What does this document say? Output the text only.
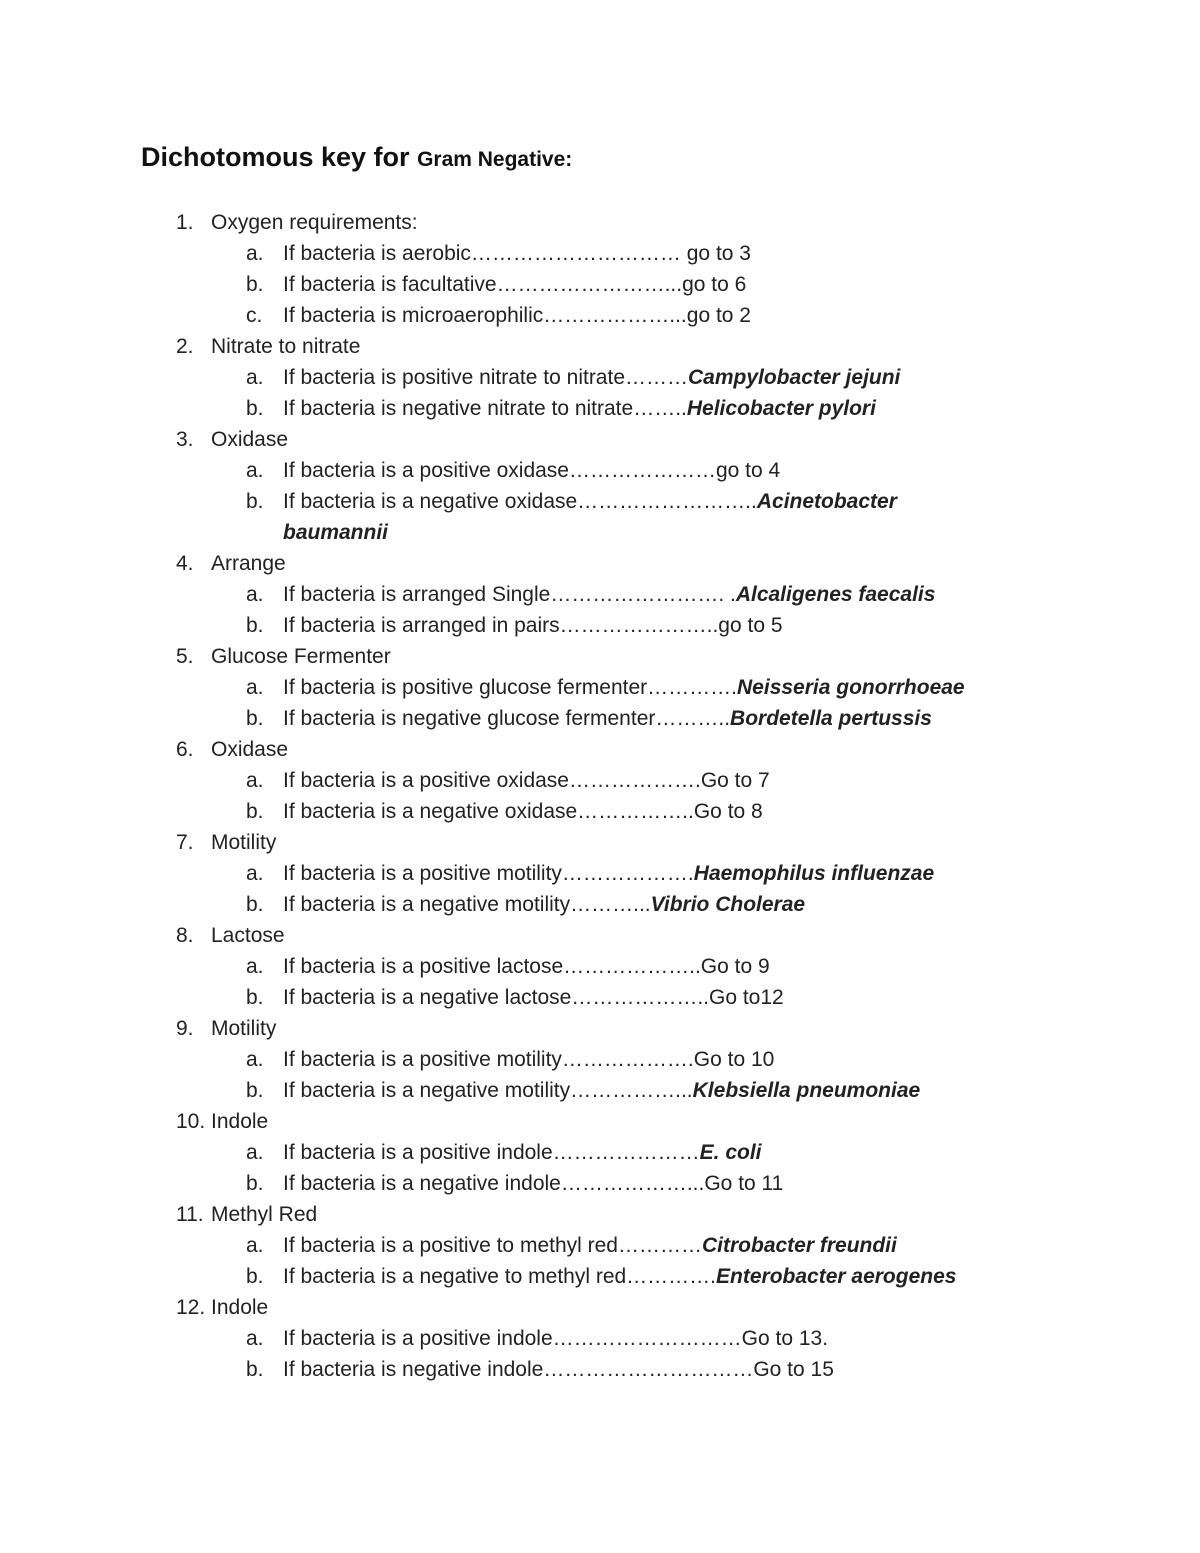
Dichotomous key for Gram Negative:
1. Oxygen requirements:
a. If bacteria is aerobic………………………… go to 3
b. If bacteria is facultative……………………...go to 6
c. If bacteria is microaerophilic………………...go to 2
2. Nitrate to nitrate
a. If bacteria is positive nitrate to nitrate………Campylobacter jejuni
b. If bacteria is negative nitrate to nitrate……..Helicobacter pylori
3. Oxidase
a. If bacteria is a positive oxidase…………………go to 4
b. If bacteria is a negative oxidase……………………..Acinetobacter
baumannii
4. Arrange
a. If bacteria is arranged Single……………………. .Alcaligenes faecalis
b. If bacteria is arranged in pairs…………………..go to 5
5. Glucose Fermenter
a. If bacteria is positive glucose fermenter………….Neisseria gonorrhoeae
b. If bacteria is negative glucose fermenter………..Bordetella pertussis
6. Oxidase
a. If bacteria is a positive oxidase……………….Go to 7
b. If bacteria is a negative oxidase……………..Go to 8
7. Motility
a. If bacteria is a positive motility……………….Haemophilus influenzae
b. If bacteria is a negative motility………...Vibrio Cholerae
8. Lactose
a. If bacteria is a positive lactose………………..Go to 9
b. If bacteria is a negative lactose………………..Go to12
9. Motility
a. If bacteria is a positive motility……………….Go to 10
b. If bacteria is a negative motility……………...Klebsiella pneumoniae
10. Indole
a. If bacteria is a positive indole…………………E. coli
b. If bacteria is a negative indole………………...Go to 11
11. Methyl Red
a. If bacteria is a positive to methyl red…………Citrobacter freundii
b. If bacteria is a negative to methyl red………….Enterobacter aerogenes
12. Indole
a. If bacteria is a positive indole………………………Go to 13.
b. If bacteria is negative indole…………………………Go to 15
